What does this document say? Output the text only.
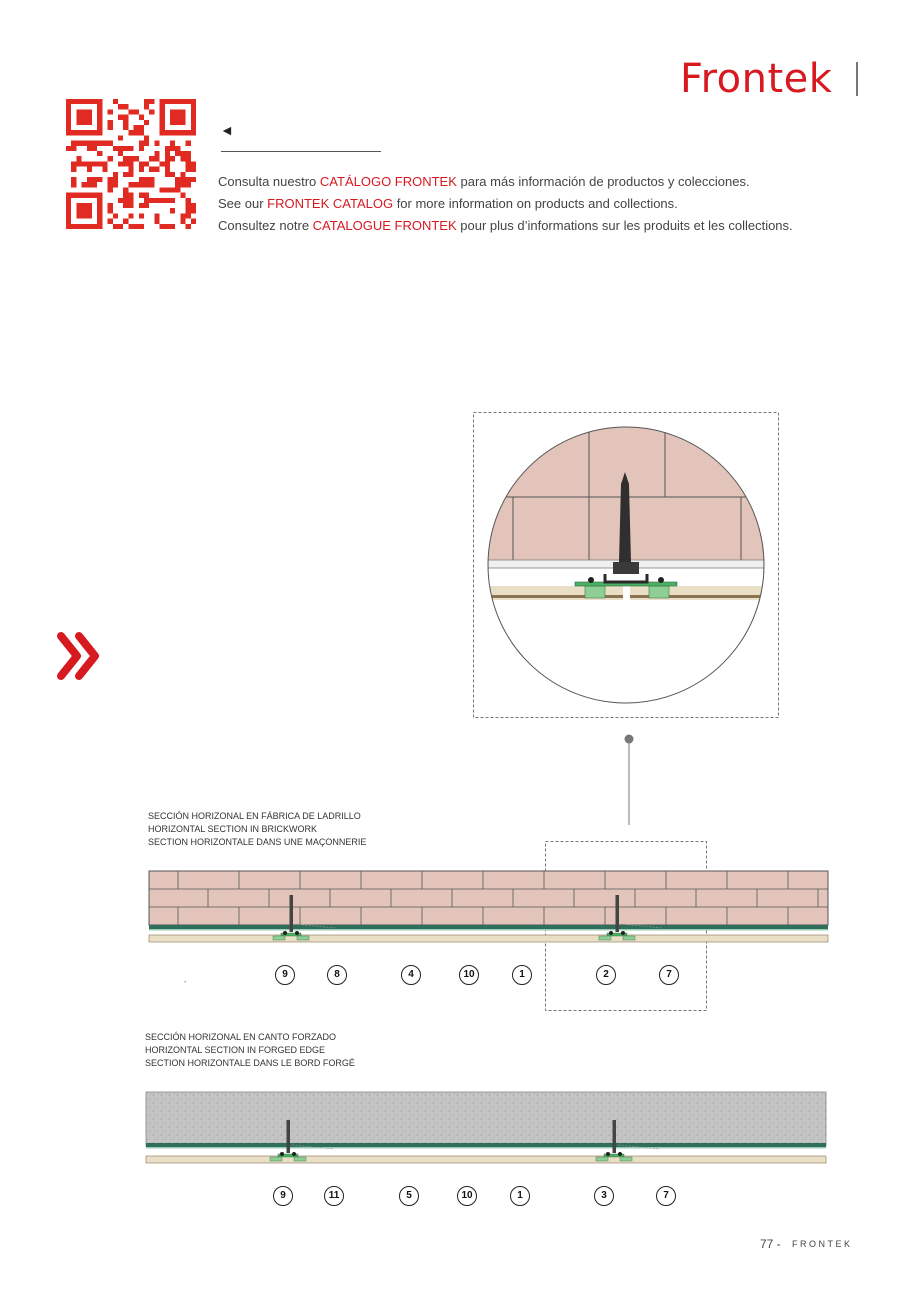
Frontek
◄
Consulta nuestro CATÁLOGO FRONTEK para más información de productos y colecciones.
See our FRONTEK CATALOG for more information on products and collections.
Consultez notre CATALOGUE FRONTEK pour plus d’informations sur les produits et les collections.
SECCIÓN HORIZONAL EN FÁBRICA DE LADRILLO
HORIZONTAL SECTION IN BRICKWORK
SECTION HORIZONTALE DANS UNE MAÇONNERIE
9	8	4	10	1	2	7
´
SECCIÓN HORIZONAL EN CANTO FORZADO
HORIZONTAL SECTION IN FORGED EDGE
SECTION HORIZONTALE DANS LE BORD FORGÉ
9	11	5	10	1	3	7
77 - FRONTEK
